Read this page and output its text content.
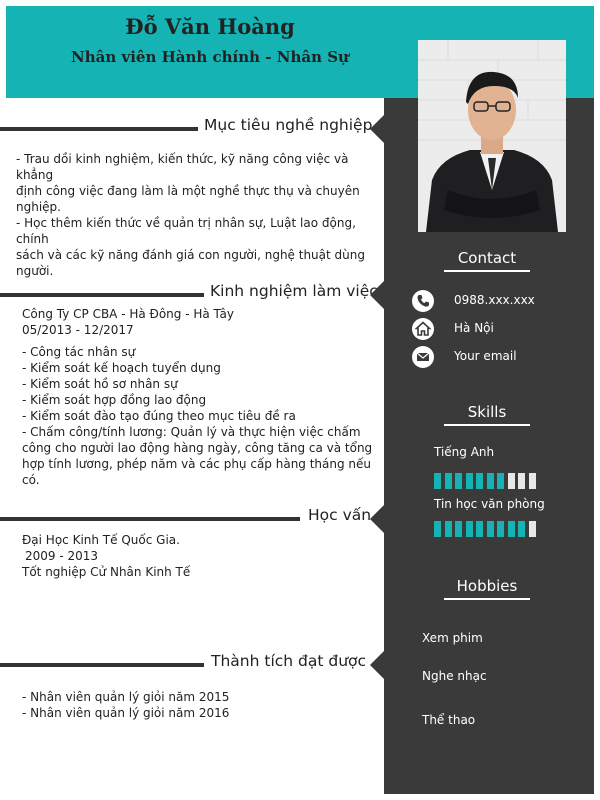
Đỗ Văn Hoàng
Nhân viên Hành chính - Nhân Sự
Mục tiêu nghề nghiệp
- Trau dồi kinh nghiệm, kiến thức, kỹ năng công việc và khẳng
định công việc đang làm là một nghề thực thụ và chuyên
nghiệp.
- Học thêm kiến thức về quản trị nhân sự, Luật lao động, chính
sách và các kỹ năng đánh giá con người, nghệ thuật dùng
người.
Kinh nghiệm làm việc
Công Ty CP CBA - Hà Đông - Hà Tây
05/2013 - 12/2017
- Công tác nhân sự
- Kiểm soát kế hoạch tuyển dụng
- Kiểm soát hồ sơ nhân sự
- Kiểm soát hợp đồng lao động
- Kiểm soát đào tạo đúng theo mục tiêu đề ra
- Chấm công/tính lương: Quản lý và thực hiện việc chấm
công cho người lao động hàng ngày, công tăng ca và tổng
hợp tính lương, phép năm và các phụ cấp hàng tháng nếu
có.
Học vấn
Đại Học Kinh Tế Quốc Gia.
2009 - 2013
Tốt nghiệp Cử Nhân Kinh Tế
Thành tích đạt được
- Nhân viên quản lý giỏi năm 2015
- Nhân viên quản lý giỏi năm 2016
Contact
0988.xxx.xxx
Hà Nội
Your email
Skills
Tiếng Anh
Tin học văn phòng
Hobbies
Xem phim
Nghe nhạc
Thể thao
